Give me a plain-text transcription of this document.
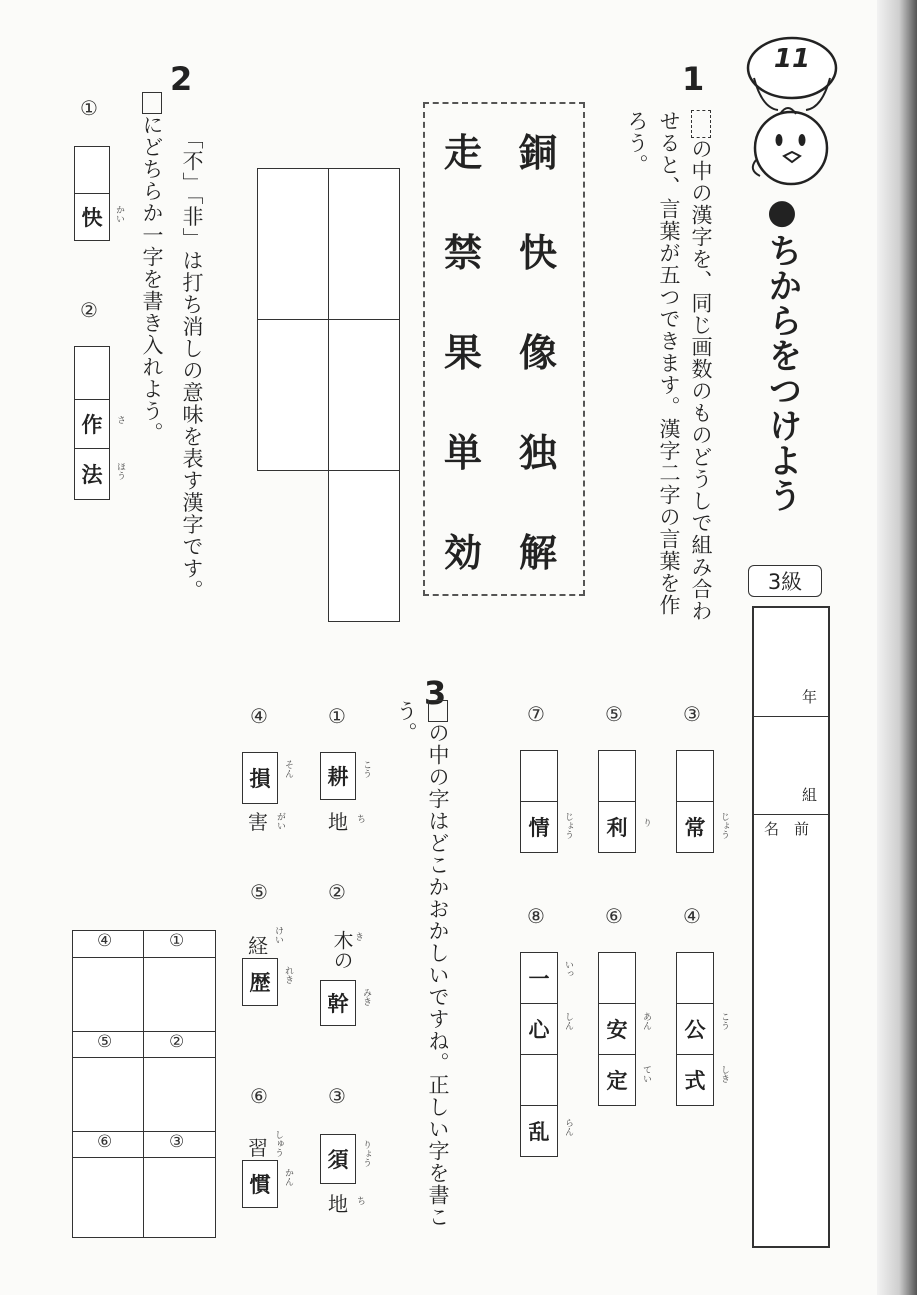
11
●ちからをつけよう
3級
年
組
名　前
1
の中の漢字を、同じ画数のものどうしで組み合わせると、言葉が五つできます。漢字二字の言葉を作ろう。
銅
快
像
独
解
走
禁
果
単
効
2
「不」「非」は打ち消しの意味を表す漢字です。
にどちらか一字を書き入れよう。
①
快	かい
②
作
法
さ
ほう
③
常	じょう
④
公
式
こう
しき
⑤
利	り
⑥
安
定
あん
てい
⑦
情	じょう
⑧
一
心
乱
いっ
しん
らん
3
の中の字はどこかおかしいですね。正しい字を書こう。
①
耕
地
こう
ち
②
木の き
幹	みき
③
須
地
りょう
ち
④
損
害
そん
がい
⑤
経 けい
歴	れき
⑥
習 しゅう
慣	かん
④	①
⑤	②
⑥	③
